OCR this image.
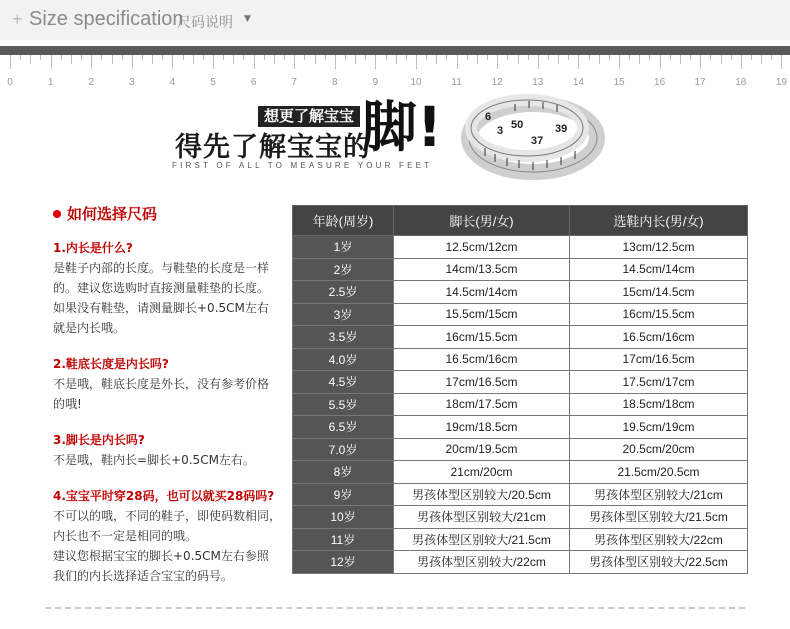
+ Size specification
尺码说明 ▼
0	1	2	3	4	5	6	7	8	9	10	11	12	13	14	15	16	17	18	19
想更了解宝宝
得先了解宝宝的
脚!
FIRST OF ALL TO MEASURE YOUR FEET
3
37
50	39
6
如何选择尺码
1.内长是什么?
是鞋子内部的长度。与鞋垫的长度是一样
的。建议您选购时直接测量鞋垫的长度。
如果没有鞋垫，请测量脚长+0.5CM左右
就是内长哦。
2.鞋底长度是内长吗?
不是哦，鞋底长度是外长，没有参考价格
的哦!
3.脚长是内长吗?
不是哦，鞋内长=脚长+0.5CM左右。
4.宝宝平时穿28码，也可以就买28码吗?
不可以的哦，不同的鞋子，即使码数相同，
内长也不一定是相同的哦。
建议您根据宝宝的脚长+0.5CM左右参照
我们的内长选择适合宝宝的码号。
年龄(周岁)	脚长(男/女)	选鞋内长(男/女)
1岁	12.5cm/12cm	13cm/12.5cm
2岁	14cm/13.5cm	14.5cm/14cm
2.5岁	14.5cm/14cm	15cm/14.5cm
3岁	15.5cm/15cm	16cm/15.5cm
3.5岁	16cm/15.5cm	16.5cm/16cm
4.0岁	16.5cm/16cm	17cm/16.5cm
4.5岁	17cm/16.5cm	17.5cm/17cm
5.5岁	18cm/17.5cm	18.5cm/18cm
6.5岁	19cm/18.5cm	19.5cm/19cm
7.0岁	20cm/19.5cm	20.5cm/20cm
8岁	21cm/20cm	21.5cm/20.5cm
9岁	男孩体型区别较大/20.5cm	男孩体型区别较大/21cm
10岁	男孩体型区别较大/21cm	男孩体型区别较大/21.5cm
11岁	男孩体型区别较大/21.5cm	男孩体型区别较大/22cm
12岁	男孩体型区别较大/22cm	男孩体型区别较大/22.5cm
